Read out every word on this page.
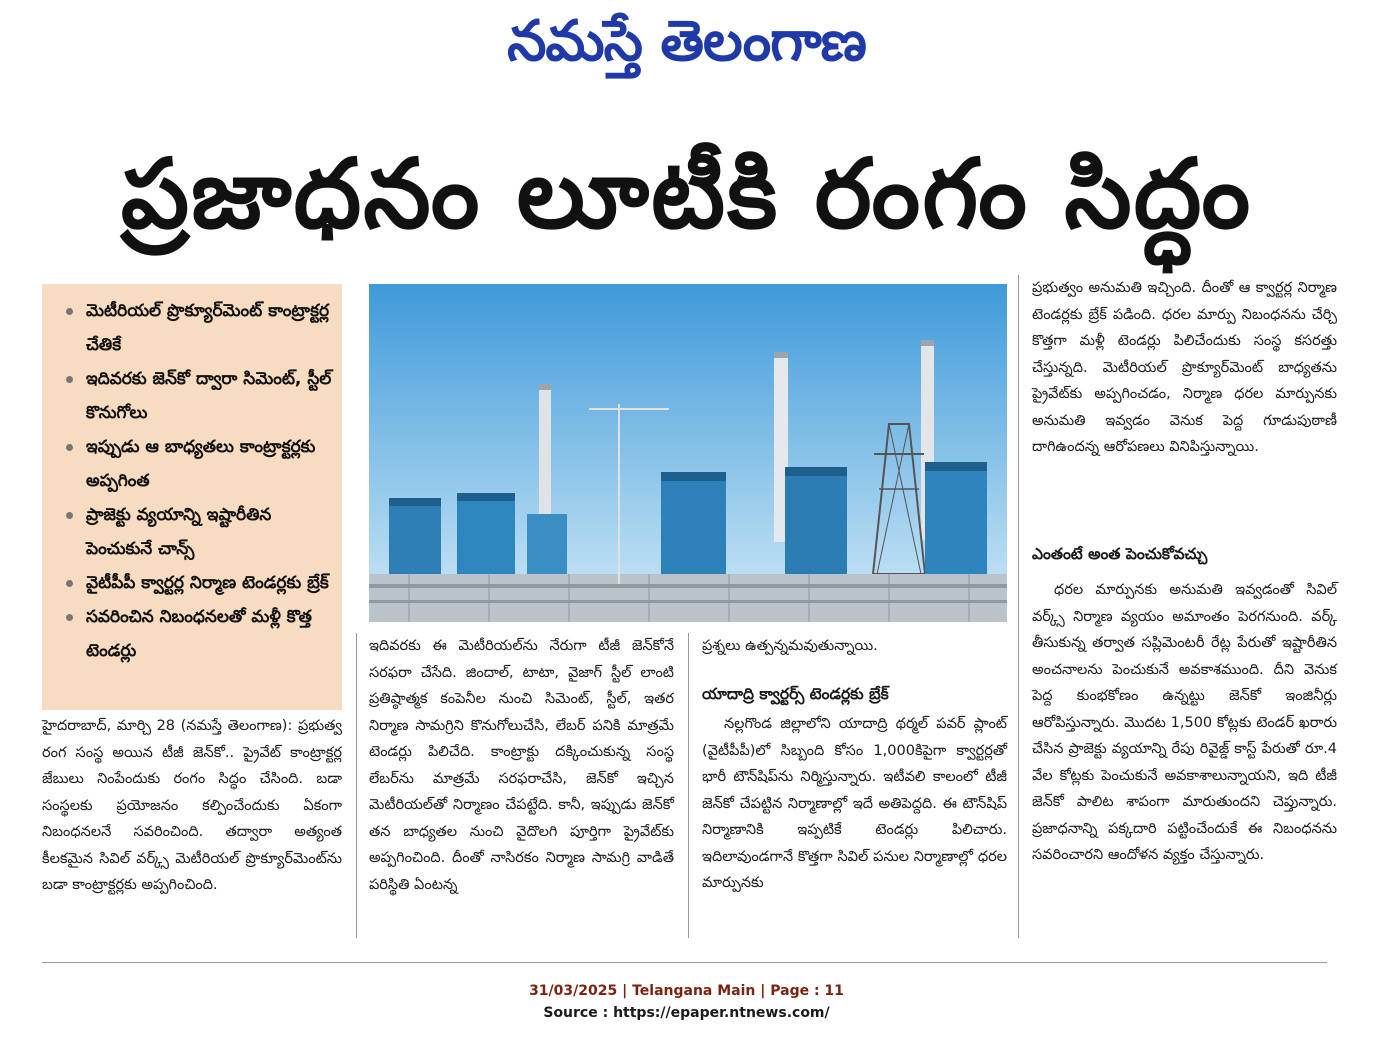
నమస్తే తెలంగాణ
ప్రజాధనం లూటీకి రంగం సిద్ధం
మెటీరియల్ ప్రొక్యూర్‌మెంట్ కాంట్రాక్టర్ల చేతికే
ఇదివరకు జెన్‌కో ద్వారా సిమెంట్, స్టీల్ కొనుగోలు
ఇప్పుడు ఆ బాధ్యతలు కాంట్రాక్టర్లకు అప్పగింత
ప్రాజెక్టు వ్యయాన్ని ఇష్టారీతిన పెంచుకునే చాన్స్
వైటీపీపీ క్వార్టర్ల నిర్మాణ టెండర్లకు బ్రేక్
సవరించిన నిబంధనలతో మళ్లీ కొత్త టెండర్లు

హైదరాబాద్, మార్చి 28 (నమస్తే తెలంగాణ): ప్రభుత్వ రంగ సంస్థ అయిన టీజీ జెన్‌కో.. ప్రైవేట్ కాంట్రాక్టర్ల జేబులు నింపేందుకు రంగం సిద్ధం చేసింది. బడా సంస్థలకు ప్రయోజనం కల్పించేందుకు ఏకంగా నిబంధనలనే సవరించింది. తద్వారా అత్యంత కీలకమైన సివిల్ వర్క్స్ మెటీరియల్ ప్రొక్యూర్‌మెంట్‌ను బడా కాంట్రాక్టర్లకు అప్పగించింది.

ఇదివరకు ఈ మెటీరియల్‌ను నేరుగా టీజీ జెన్‌కోనే సరఫరా చేసేది. జిందాల్, టాటా, వైజాగ్ స్టీల్ లాంటి ప్రతిష్ఠాత్మక కంపెనీల నుంచి సిమెంట్, స్టీల్, ఇతర నిర్మాణ సామగ్రిని కొనుగోలుచేసి, లేబర్ పనికి మాత్రమే టెండర్లు పిలిచేది. కాంట్రాక్టు దక్కించుకున్న సంస్థ లేబర్‌ను మాత్రమే సరఫరాచేసి, జెన్‌కో ఇచ్చిన మెటీరియల్‌తో నిర్మాణం చేపట్టేది. కానీ, ఇప్పుడు జెన్‌కో తన బాధ్యతల నుంచి వైదొలగి పూర్తిగా ప్రైవేట్‌కు అప్పగించింది. దీంతో నాసిరకం నిర్మాణ సామగ్రి వాడితే పరిస్థితి ఏంటన్న

ప్రశ్నలు ఉత్పన్నమవుతున్నాయి.

యాదాద్రి క్వార్టర్స్ టెండర్లకు బ్రేక్

నల్లగొండ జిల్లాలోని యాదాద్రి థర్మల్ పవర్ ప్లాంట్ (వైటీపీపీ)లో సిబ్బంది కోసం 1,000కిపైగా క్వార్టర్లతో భారీ టౌన్‌షిప్‌ను నిర్మిస్తున్నారు. ఇటీవలి కాలంలో టీజీ జెన్‌కో చేపట్టిన నిర్మాణాల్లో ఇదే అతిపెద్దది. ఈ టౌన్‌షిప్ నిర్మాణానికి ఇప్పటికే టెండర్లు పిలిచారు. ఇదిలావుండగానే కొత్తగా సివిల్ పనుల నిర్మాణాల్లో ధరల మార్పునకు

ప్రభుత్వం అనుమతి ఇచ్చింది. దీంతో ఆ క్వార్టర్ల నిర్మాణ టెండర్లకు బ్రేక్ పడింది. ధరల మార్పు నిబంధనను చేర్చి కొత్తగా మళ్లీ టెండర్లు పిలిచేందుకు సంస్థ కసరత్తు చేస్తున్నది. మెటీరియల్ ప్రొక్యూర్‌మెంట్ బాధ్యతను ప్రైవేట్‌కు అప్పగించడం, నిర్మాణ ధరల మార్పునకు అనుమతి ఇవ్వడం వెనుక పెద్ద గూడుపుఠాణీ దాగిఉందన్న ఆరోపణలు వినిపిస్తున్నాయి.

ఎంతంటే అంత పెంచుకోవచ్చు

ధరల మార్పునకు అనుమతి ఇవ్వడంతో సివిల్ వర్క్స్ నిర్మాణ వ్యయం అమాంతం పెరగనుంది. వర్క్ తీసుకున్న తర్వాత సప్లిమెంటరీ రేట్ల పేరుతో ఇష్టారీతిన అంచనాలను పెంచుకునే అవకాశముంది. దీని వెనుక పెద్ద కుంభకోణం ఉన్నట్టు జెన్‌కో ఇంజినీర్లు ఆరోపిస్తున్నారు. మొదట 1,500 కోట్లకు టెండర్ ఖరారు చేసిన ప్రాజెక్టు వ్యయాన్ని రేపు రివైజ్డ్ కాస్ట్ పేరుతో రూ.4 వేల కోట్లకు పెంచుకునే అవకాశాలున్నాయని, ఇది టీజీ జెన్‌కో పాలిట శాపంగా మారుతుందని చెప్తున్నారు. ప్రజాధనాన్ని పక్కదారి పట్టించేందుకే ఈ నిబంధనను సవరించారని ఆందోళన వ్యక్తం చేస్తున్నారు.

31/03/2025 | Telangana Main | Page : 11
Source : https://epaper.ntnews.com/
